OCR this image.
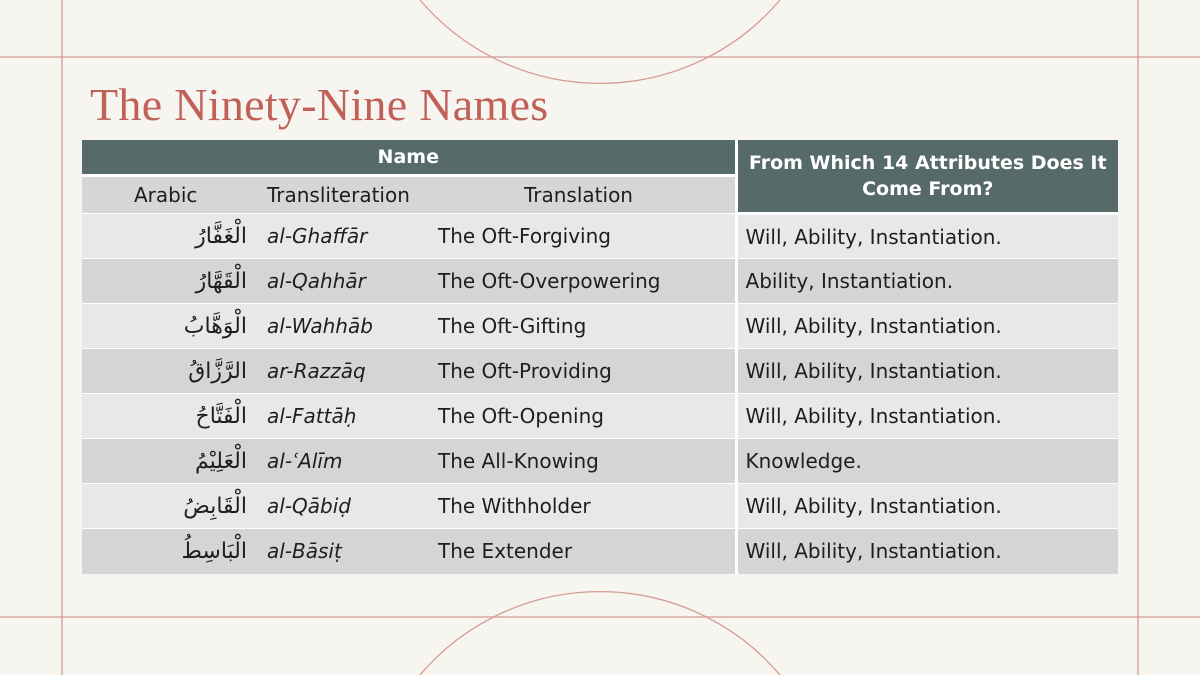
The Ninety-Nine Names
Name			From Which 14 Attributes Does It Come From?
Arabic	Transliteration	Translation	
الْغَفَّارُ	al-Ghaffār	The Oft-Forgiving	Will, Ability, Instantiation.
الْقَهَّارُ	al-Qahhār	The Oft-Overpowering	Ability, Instantiation.
الْوَهَّابُ	al-Wahhāb	The Oft-Gifting	Will, Ability, Instantiation.
الرَّزَّاقُ	ar-Razzāq	The Oft-Providing	Will, Ability, Instantiation.
الْفَتَّاحُ	al-Fattāḥ	The Oft-Opening	Will, Ability, Instantiation.
الْعَلِيْمُ	al-ʿAlīm	The All-Knowing	Knowledge.
الْقَابِضُ	al-Qābiḍ	The Withholder	Will, Ability, Instantiation.
الْبَاسِطُ	al-Bāsiṭ	The Extender	Will, Ability, Instantiation.
